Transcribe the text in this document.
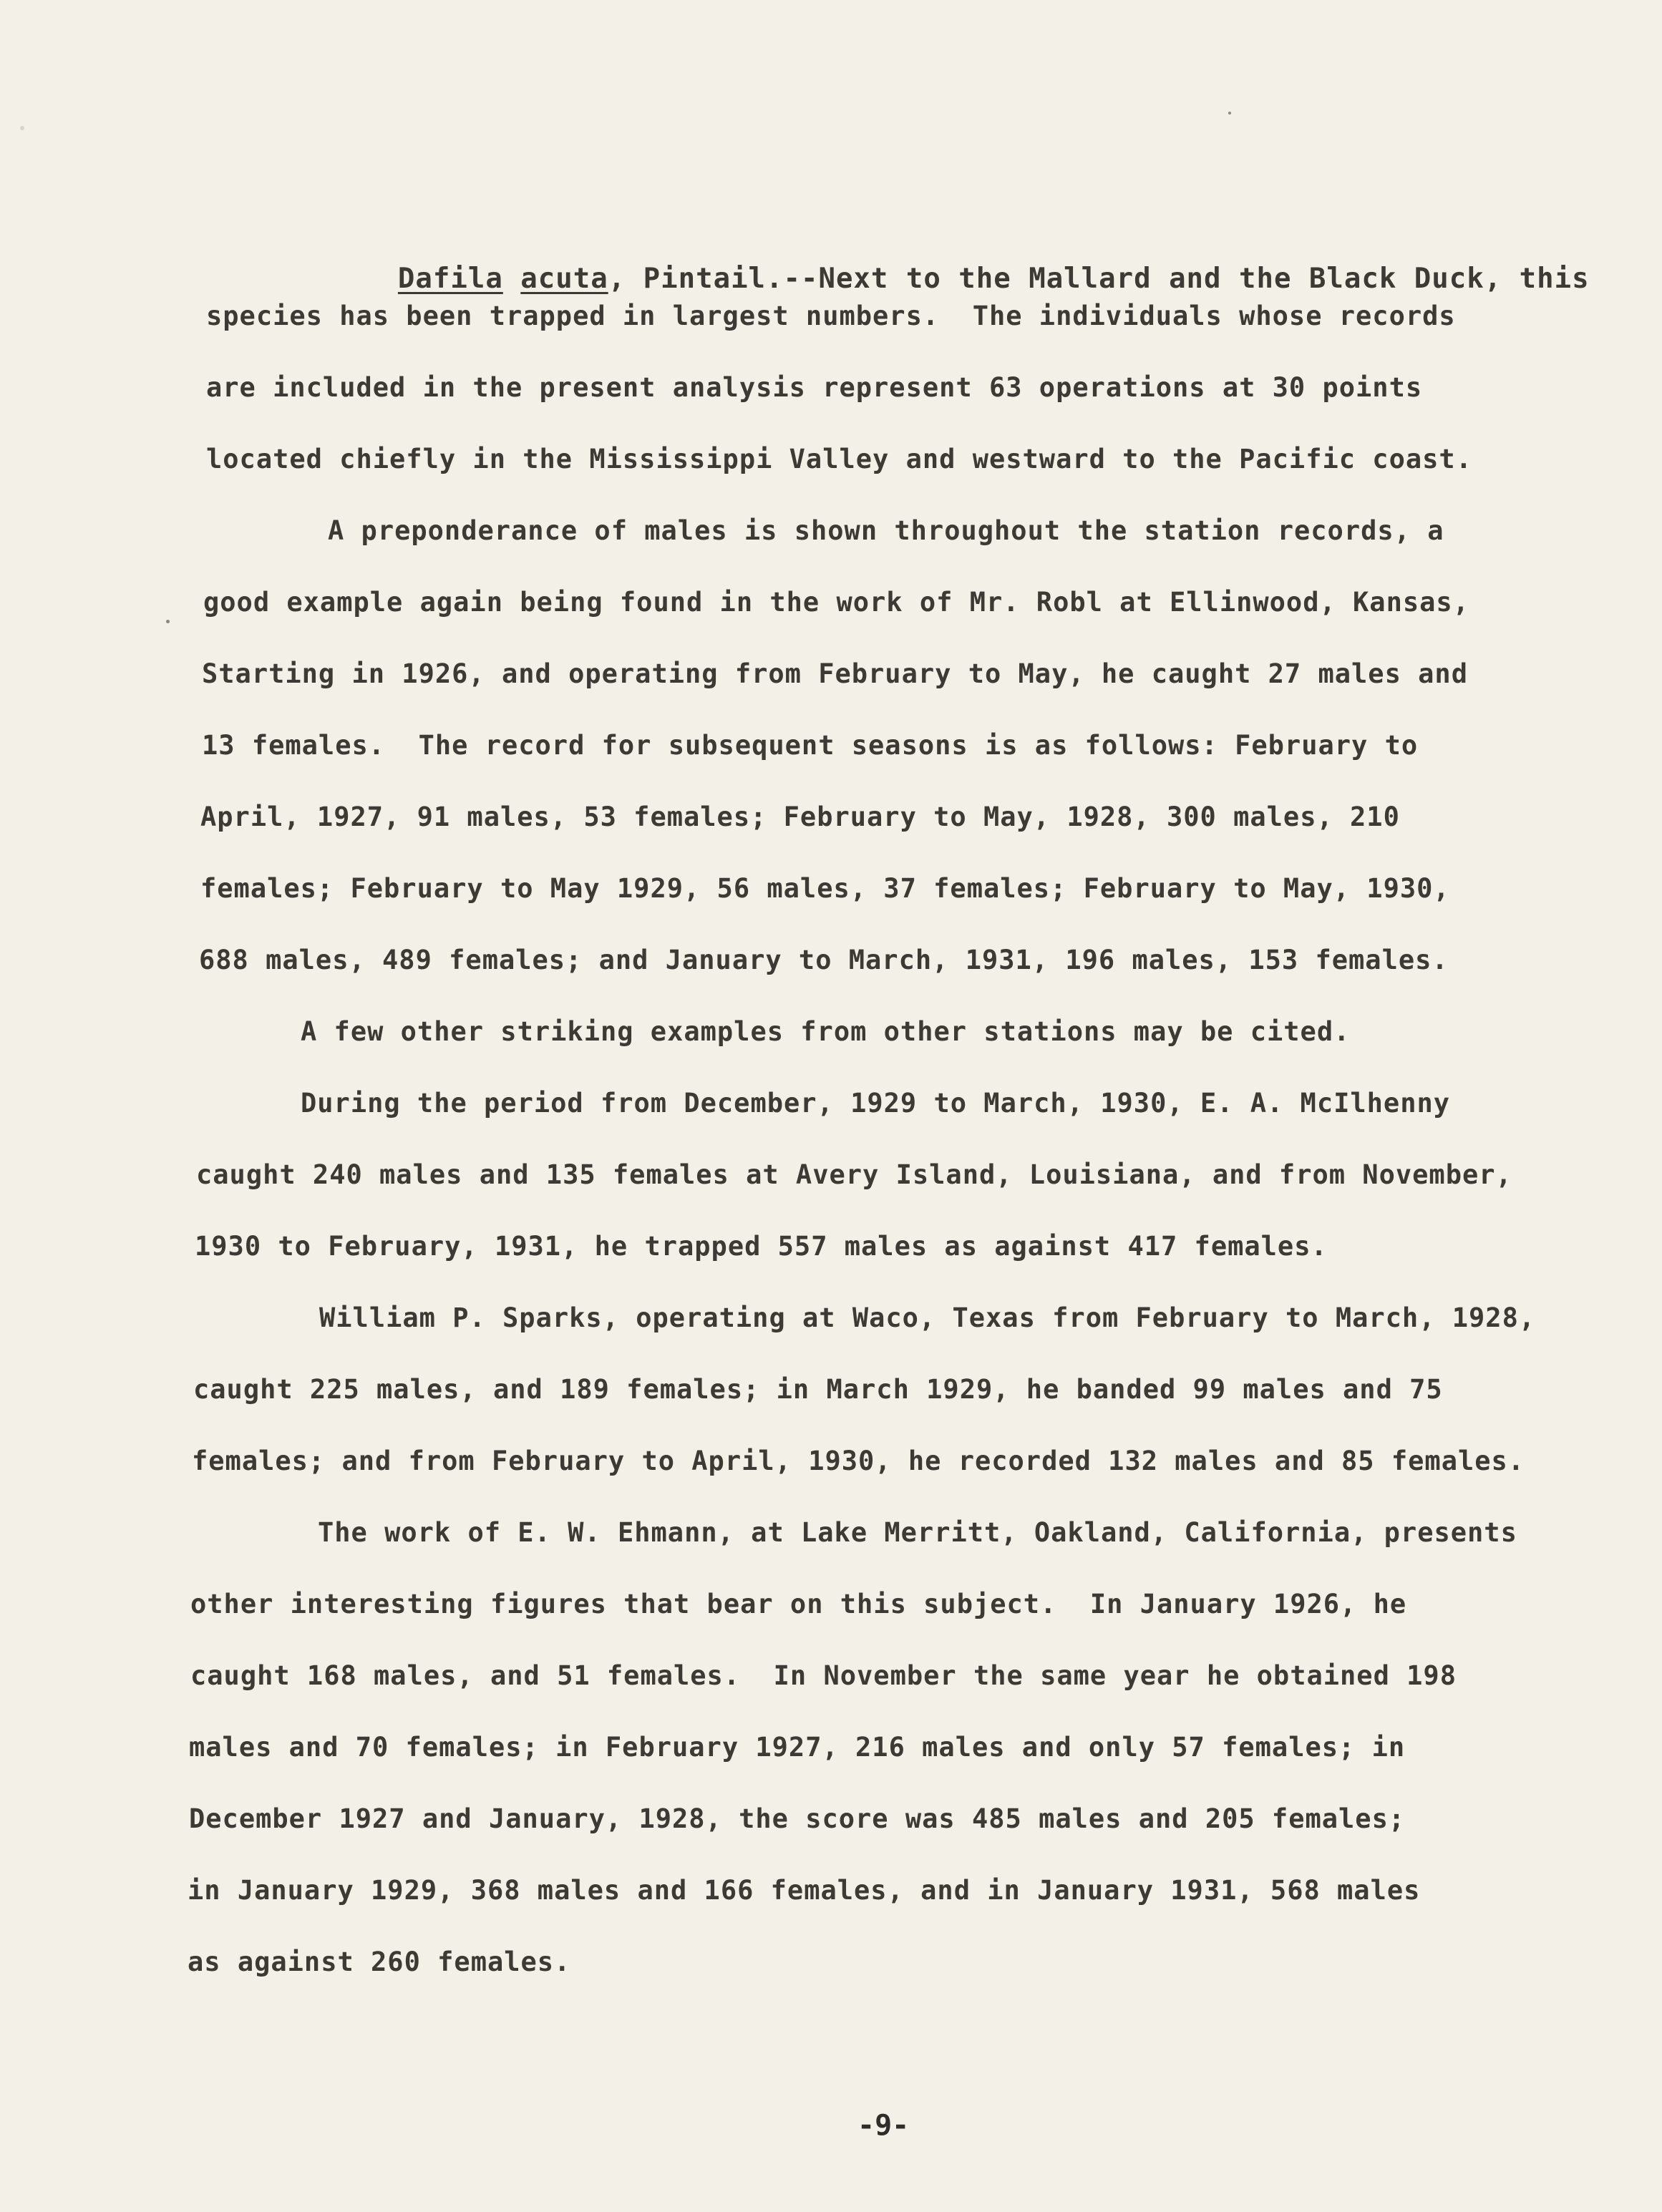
Dafila acuta, Pintail.--Next to the Mallard and the Black Duck, this

species has been trapped in largest numbers.  The individuals whose records
are included in the present analysis represent 63 operations at 30 points
located chiefly in the Mississippi Valley and westward to the Pacific coast.
A preponderance of males is shown throughout the station records, a
good example again being found in the work of Mr. Robl at Ellinwood, Kansas,
Starting in 1926, and operating from February to May, he caught 27 males and
13 females.  The record for subsequent seasons is as follows: February to
April, 1927, 91 males, 53 females; February to May, 1928, 300 males, 210
females; February to May 1929, 56 males, 37 females; February to May, 1930,
688 males, 489 females; and January to March, 1931, 196 males, 153 females.
A few other striking examples from other stations may be cited.
During the period from December, 1929 to March, 1930, E. A. McIlhenny
caught 240 males and 135 females at Avery Island, Louisiana, and from November,
1930 to February, 1931, he trapped 557 males as against 417 females.
William P. Sparks, operating at Waco, Texas from February to March, 1928,
caught 225 males, and 189 females; in March 1929, he banded 99 males and 75
females; and from February to April, 1930, he recorded 132 males and 85 females.
The work of E. W. Ehmann, at Lake Merritt, Oakland, California, presents
other interesting figures that bear on this subject.  In January 1926, he
caught 168 males, and 51 females.  In November the same year he obtained 198
males and 70 females; in February 1927, 216 males and only 57 females; in
December 1927 and January, 1928, the score was 485 males and 205 females;
in January 1929, 368 males and 166 females, and in January 1931, 568 males
as against 260 females.
-9-
